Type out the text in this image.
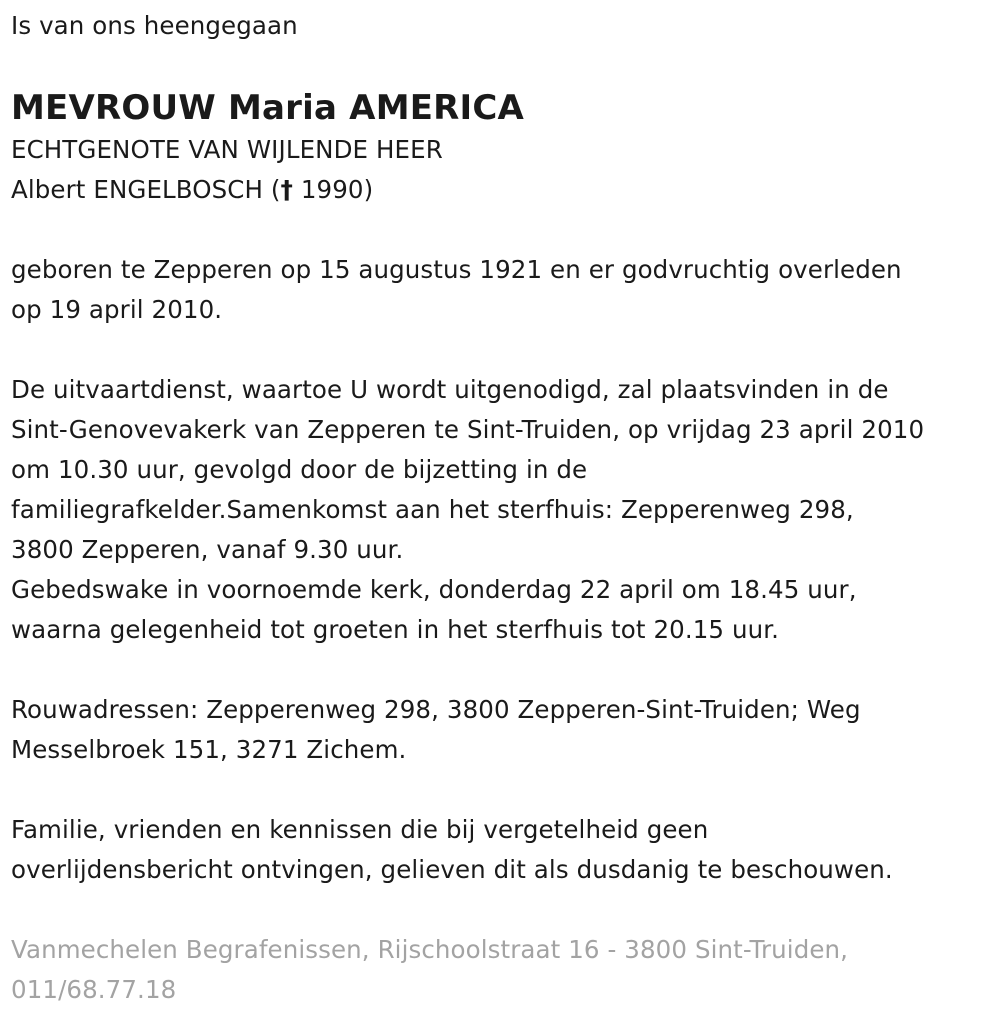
Is van ons heengegaan
MEVROUW Maria AMERICA
ECHTGENOTE VAN WIJLENDE HEER
Albert ENGELBOSCH († 1990)
geboren te Zepperen op 15 augustus 1921 en er godvruchtig overleden
op 19 april 2010.
De uitvaartdienst, waartoe U wordt uitgenodigd, zal plaatsvinden in de
Sint-Genovevakerk van Zepperen te Sint-Truiden, op vrijdag 23 april 2010
om 10.30 uur, gevolgd door de bijzetting in de
familiegrafkelder.Samenkomst aan het sterfhuis: Zepperenweg 298,
3800 Zepperen, vanaf 9.30 uur.
Gebedswake in voornoemde kerk, donderdag 22 april om 18.45 uur,
waarna gelegenheid tot groeten in het sterfhuis tot 20.15 uur.
Rouwadressen: Zepperenweg 298, 3800 Zepperen-Sint-Truiden; Weg
Messelbroek 151, 3271 Zichem.
Familie, vrienden en kennissen die bij vergetelheid geen
overlijdensbericht ontvingen, gelieven dit als dusdanig te beschouwen.
Vanmechelen Begrafenissen, Rijschoolstraat 16 - 3800 Sint-Truiden,
011/68.77.18
